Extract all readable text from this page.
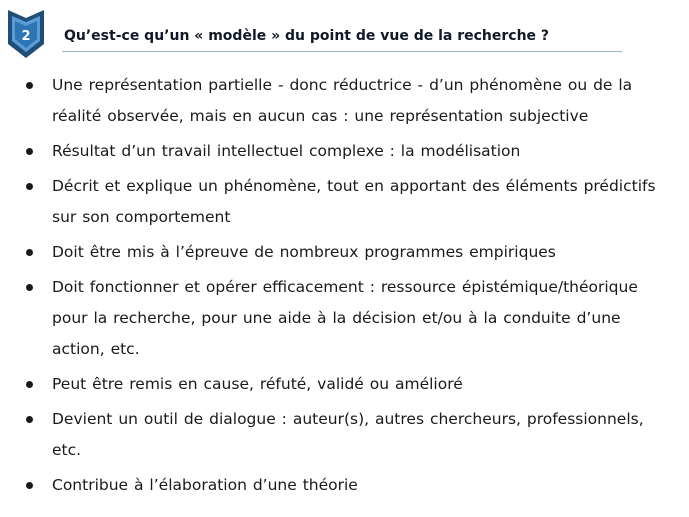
2 Qu’est-ce qu’un « modèle » du point de vue de la recherche ?
Une représentation partielle - donc réductrice - d’un phénomène ou de la réalité observée, mais en aucun cas : une représentation subjective
Résultat d’un travail intellectuel complexe : la modélisation
Décrit et explique un phénomène, tout en apportant des éléments prédictifs sur son comportement
Doit être mis à l’épreuve de nombreux programmes empiriques
Doit fonctionner et opérer efficacement : ressource épistémique/théorique pour la recherche, pour une aide à la décision et/ou à la conduite d’une action, etc.
Peut être remis en cause, réfuté, validé ou amélioré
Devient un outil de dialogue : auteur(s), autres chercheurs, professionnels, etc.
Contribue à l’élaboration d’une théorie
